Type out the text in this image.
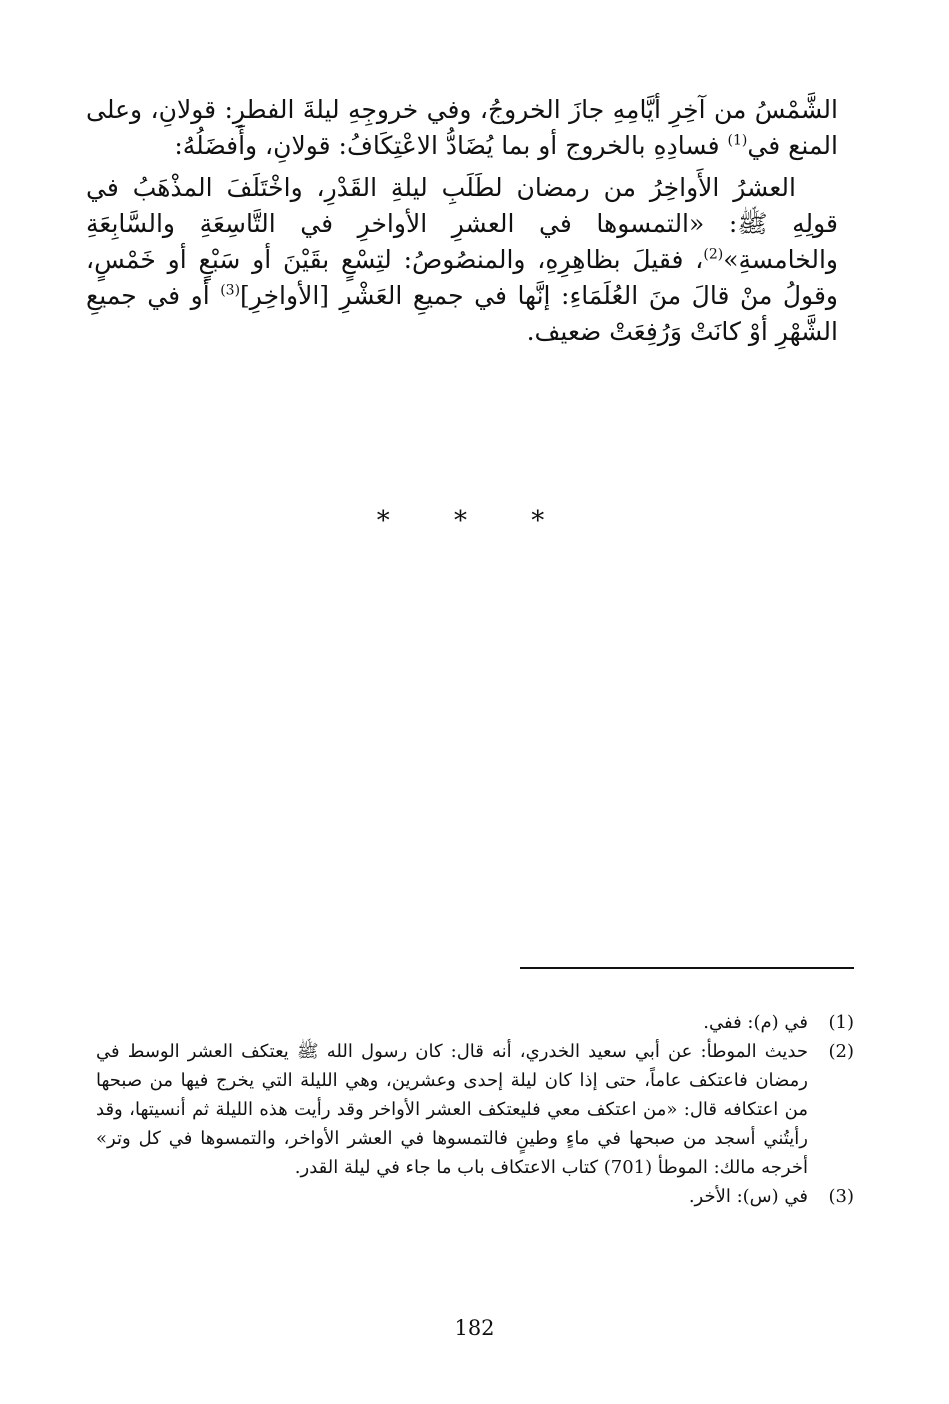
الشَّمْسُ من آخِرِ أيَّامِهِ جازَ الخروجُ، وفي خروجِهِ ليلةَ الفطرِ: قولانِ، وعلى المنع في$^{(1)}$ فسادِهِ بالخروج أو بما يُضَادُّ الاعْتِكَافُ: قولانِ، وأَفضَلُهُ:

العشرُ الأَواخِرُ من رمضان لطَلَبِ ليلةِ القَدْرِ، واخْتَلَفَ المذْهَبُ في قولِهِ ﷺ: «التمسوها في العشرِ الأواخرِ في التَّاسِعَةِ والسَّابِعَةِ والخامسةِ»$^{(2)}$، فقيلَ بظاهِرِهِ، والمنصُوصُ: لتِسْعٍ بقَيْنَ أو سَبْعٍ أو خَمْسٍ، وقولُ منْ قالَ منَ العُلَمَاءِ: إنَّها في جميعِ العَشْرِ [الأواخِرِ]$^{(3)}$ أو في جميعِ الشَّهْرِ أوْ كانَتْ وَرُفِعَتْ ضعيف.

* * *
(1)
في (م): ففي.
(2)
حديث الموطأ: عن أبي سعيد الخدري، أنه قال: كان رسول الله ﷺ يعتكف العشر الوسط في رمضان فاعتكف عاماً، حتى إذا كان ليلة إحدى وعشرين، وهي الليلة التي يخرج فيها من صبحها من اعتكافه قال: «من اعتكف معي فليعتكف العشر الأواخر وقد رأيت هذه الليلة ثم أنسيتها، وقد رأيتُني أسجد من صبحها في ماءٍ وطينٍ فالتمسوها في العشر الأواخر، والتمسوها في كل وتر» أخرجه مالك: الموطأ (701) كتاب الاعتكاف باب ما جاء في ليلة القدر.
(3)
في (س): الأخر.
182
